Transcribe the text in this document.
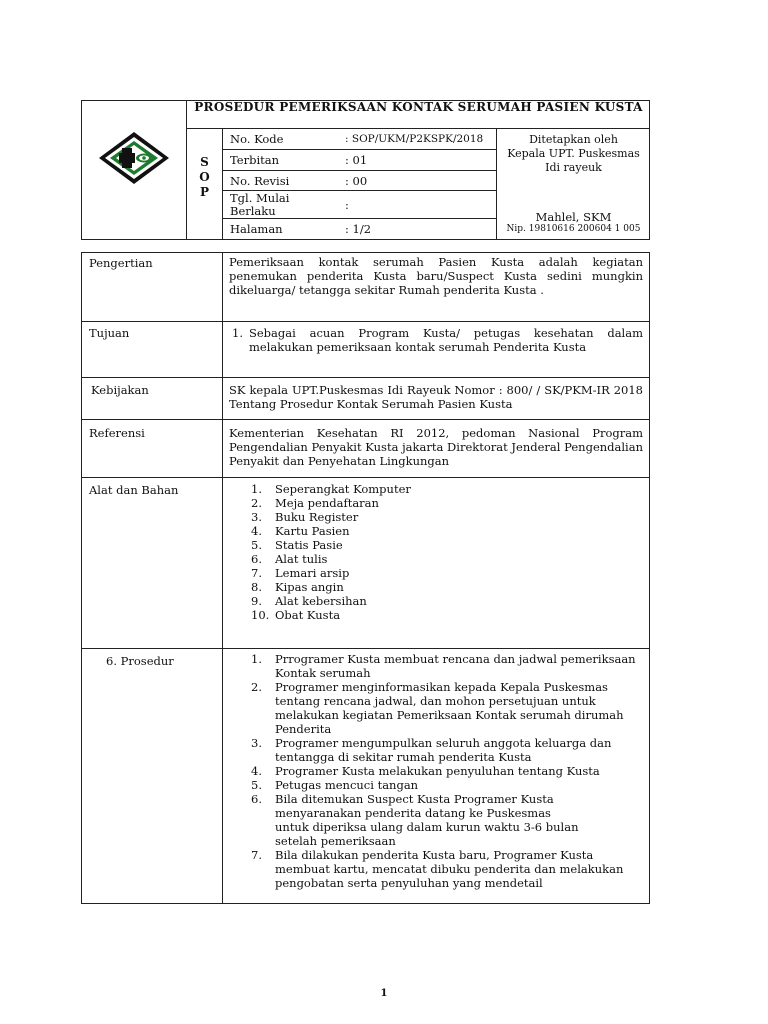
PROSEDUR PEMERIKSAAN KONTAK SERUMAH PASIEN KUSTA
S
O
P
No. Kode	: SOP/UKM/P2KSPK/2018
Terbitan	: 01
No. Revisi	: 00
Tgl. Mulai Berlaku	:
Halaman	: 1/2
Ditetapkan oleh
Kepala UPT. Puskesmas
Idi rayeuk
Mahlel, SKM
Nip. 19810616 200604 1 005
Pengertian	Pemeriksaan kontak serumah Pasien Kusta adalah kegiatan penemukan penderita Kusta baru/Suspect Kusta sedini mungkin dikeluarga/ tetangga sekitar Rumah penderita Kusta .
Tujuan	1. Sebagai acuan Program Kusta/ petugas kesehatan dalam melakukan pemeriksaan kontak serumah Penderita Kusta
Kebijakan	SK kepala UPT.Puskesmas Idi Rayeuk Nomor : 800/ / SK/PKM-IR 2018 Tentang Prosedur Kontak Serumah Pasien Kusta
Referensi	Kementerian Kesehatan RI 2012, pedoman Nasional Program Pengendalian Penyakit Kusta jakarta Direktorat Jenderal Pengendalian Penyakit dan Penyehatan Lingkungan
Alat dan Bahan	1. Seperangkat Komputer
2. Meja pendaftaran
3. Buku Register
4. Kartu Pasien
5. Statis Pasie
6. Alat tulis
7. Lemari arsip
8. Kipas angin
9. Alat kebersihan
10. Obat Kusta
6. Prosedur	1. Prrogramer Kusta membuat rencana dan jadwal pemeriksaan Kontak serumah
2. Programer menginformasikan kepada Kepala Puskesmas tentang rencana jadwal, dan mohon persetujuan untuk melakukan kegiatan Pemeriksaan Kontak serumah dirumah Penderita
3. Programer mengumpulkan seluruh anggota keluarga dan tentangga di sekitar rumah penderita Kusta
4. Programer Kusta melakukan penyuluhan tentang Kusta
5. Petugas mencuci tangan
6. Bila ditemukan Suspect Kusta Programer Kusta menyaranakan penderita datang ke Puskesmas untuk diperiksa ulang dalam kurun waktu 3-6 bulan setelah pemeriksaan
7. Bila dilakukan penderita Kusta baru, Programer Kusta membuat kartu, mencatat dibuku penderita dan melakukan pengobatan serta penyuluhan yang mendetail
1
